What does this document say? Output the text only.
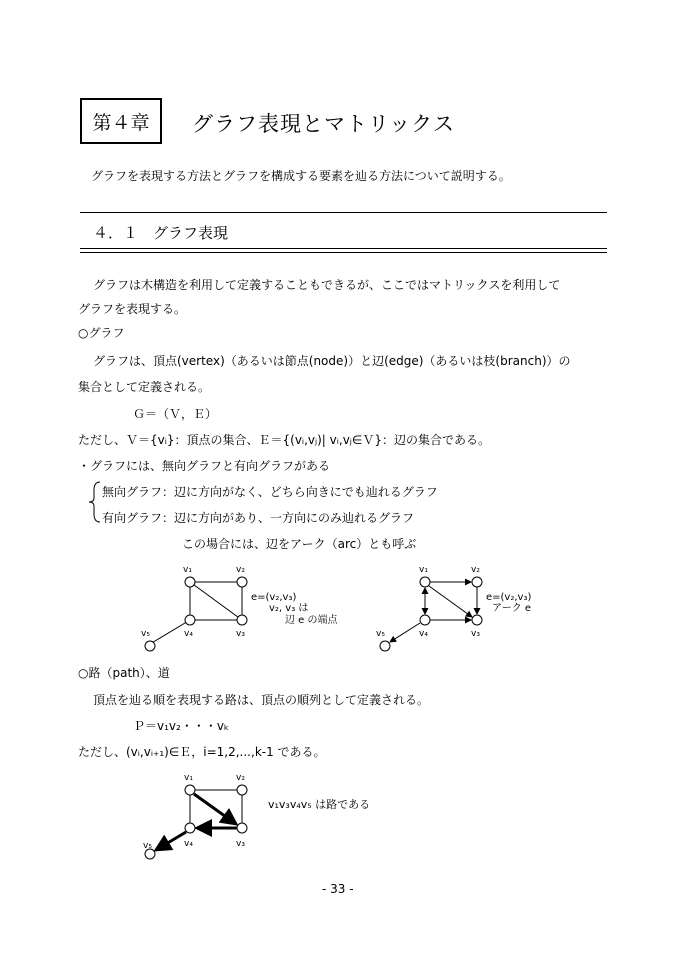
第４章 グラフ表現とマトリックス
グラフを表現する方法とグラフを構成する要素を辿る方法について説明する。
４．１　グラフ表現
グラフは木構造を利用して定義することもできるが、ここではマトリックスを利用して
グラフを表現する。
○グラフ
グラフは、頂点(vertex)（あるいは節点(node)）と辺(edge)（あるいは枝(branch)）の
集合として定義される。
Ｇ＝（Ｖ，Ｅ）
ただし、Ｖ＝{vᵢ}：頂点の集合、Ｅ＝{(vᵢ,vⱼ)| vᵢ,vⱼ∈Ｖ}：辺の集合である。
・グラフには、無向グラフと有向グラフがある
無向グラフ：辺に方向がなく、どちら向きにでも辿れるグラフ
有向グラフ：辺に方向があり、一方向にのみ辿れるグラフ
この場合には、辺をアーク（arc）とも呼ぶ
v₁	v₂
v₃
v₄
v₅
e=(v₂,v₃)
v₂, v₃ は
辺 e の端点
v₁	v₂
v₃
v₄
v₅
e=(v₂,v₃)
アーク e
○路（path）、道
頂点を辿る順を表現する路は、頂点の順列として定義される。
Ｐ＝v₁v₂・・・vₖ
ただし、(vᵢ,vᵢ₊₁)∈Ｅ，i=1,2,...,k-1 である。
v₁	v₂
v₃
v₄
v₅
v₁v₃v₄v₅ は路である
- 33 -
